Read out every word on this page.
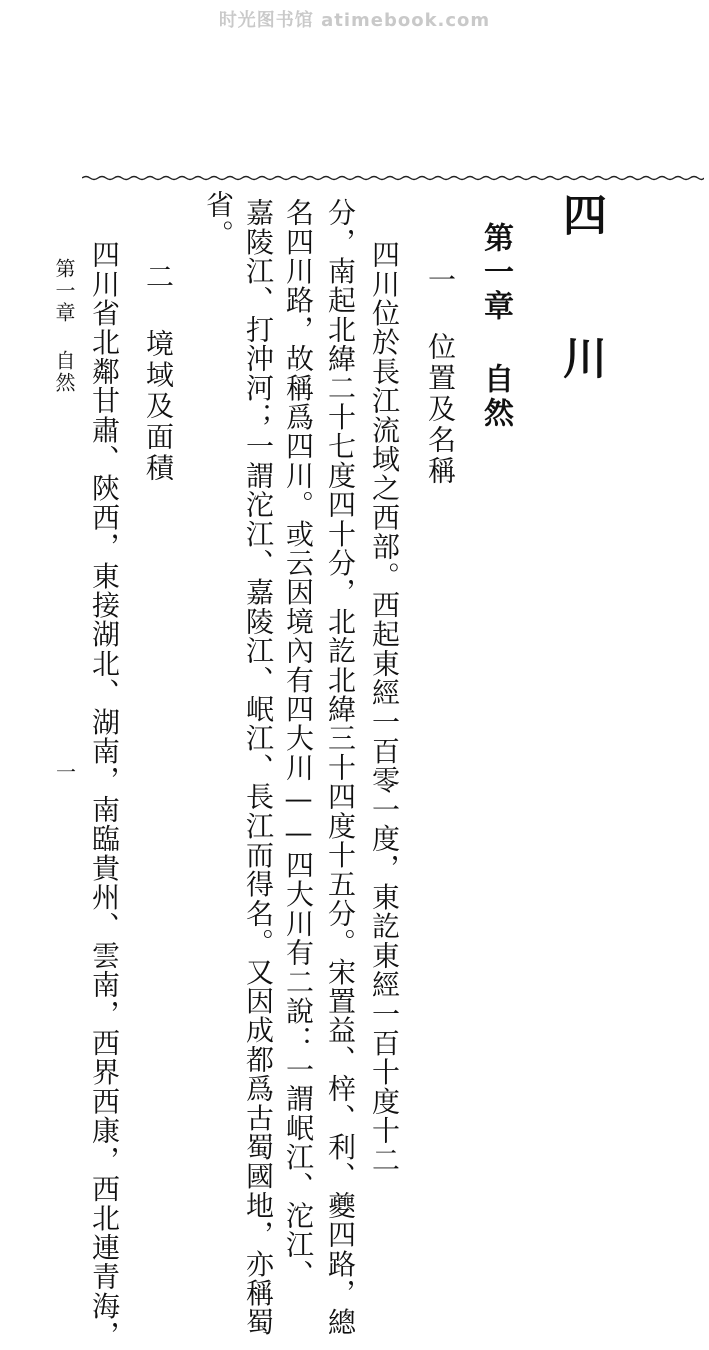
时光图书馆 atimebook.com
四 川
第一章 自然
一 位置及名稱
四川位於長江流域之西部。西起東經一百零一度，東訖東經一百十度十二
分，南起北緯二十七度四十分，北訖北緯三十四度十五分。宋置益、梓、利、夔四路，總
名四川路，故稱爲四川。或云因境內有四大川——四大川有二說：一謂岷江、沱江、
嘉陵江、打沖河；一謂沱江、嘉陵江、岷江、長江而得名。又因成都爲古蜀國地，亦稱蜀
省。
二 境域及面積
四川省北鄰甘肅、陝西，東接湖北、湖南，南臨貴州、雲南，西界西康，西北連青海，
第一章 自然
一
